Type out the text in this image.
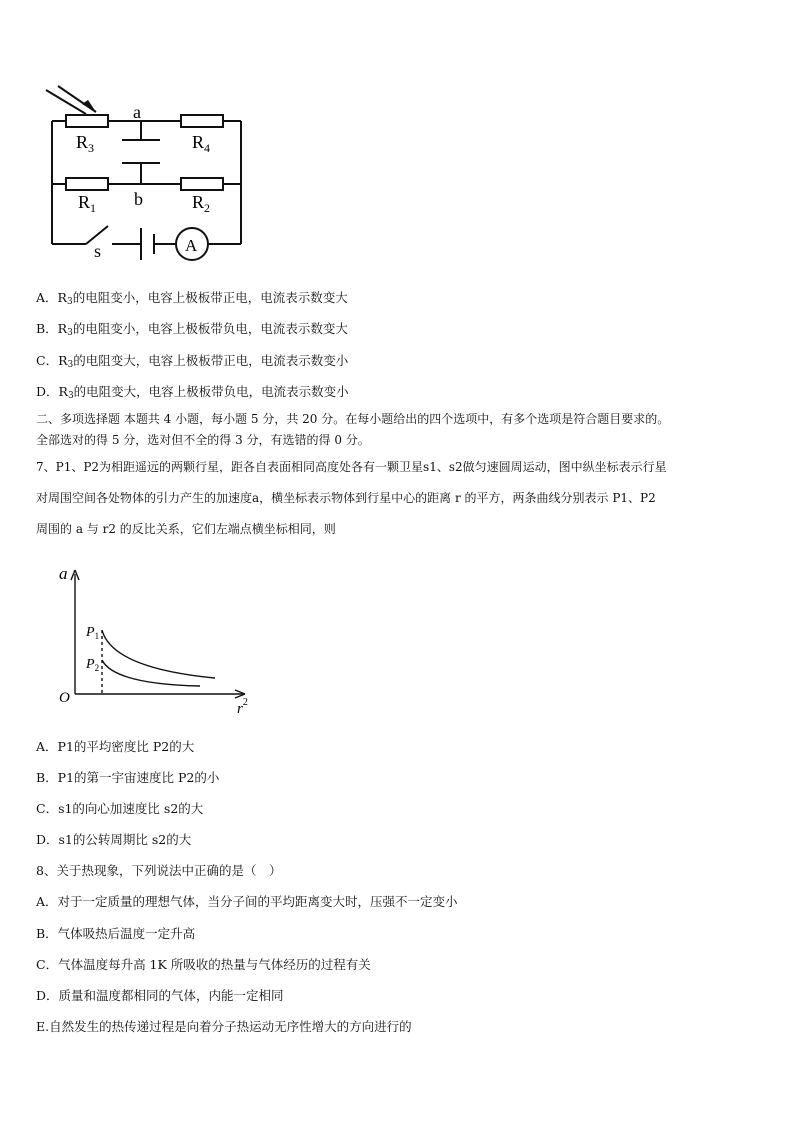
a
b
$R_3$	$R_4$
$R_1$	$R_2$
s	A
A．$R_3$的电阻变小，电容上极板带正电，电流表示数变大
B．$R_3$的电阻变小，电容上极板带负电，电流表示数变大
C．$R_3$的电阻变大，电容上极板带正电，电流表示数变小
D．$R_3$的电阻变大，电容上极板带负电，电流表示数变小
二、多项选择题 本题共 4 小题，每小题 5 分，共 20 分。在每小题给出的四个选项中，有多个选项是符合题目要求的。
全部选对的得 5 分，选对但不全的得 3 分，有选错的得 0 分。
7、P1、P2为相距遥远的两颗行星，距各自表面相同高度处各有一颗卫星s1、s2做匀速圆周运动，图中纵坐标表示行星
对周围空间各处物体的引力产生的加速度a，横坐标表示物体到行星中心的距离 r 的平方，两条曲线分别表示 P1、P2
周围的 a 与 r2 的反比关系，它们左端点横坐标相同，则
a
O
$r^2$
$P_1$
$P_2$
A．P1的平均密度比 P2的大
B．P1的第一宇宙速度比 P2的小
C．s1的向心加速度比 s2的大
D．s1的公转周期比 s2的大
8、关于热现象，下列说法中正确的是（　）
A．对于一定质量的理想气体，当分子间的平均距离变大时，压强不一定变小
B．气体吸热后温度一定升高
C．气体温度每升高 1K 所吸收的热量与气体经历的过程有关
D．质量和温度都相同的气体，内能一定相同
E.自然发生的热传递过程是向着分子热运动无序性增大的方向进行的
